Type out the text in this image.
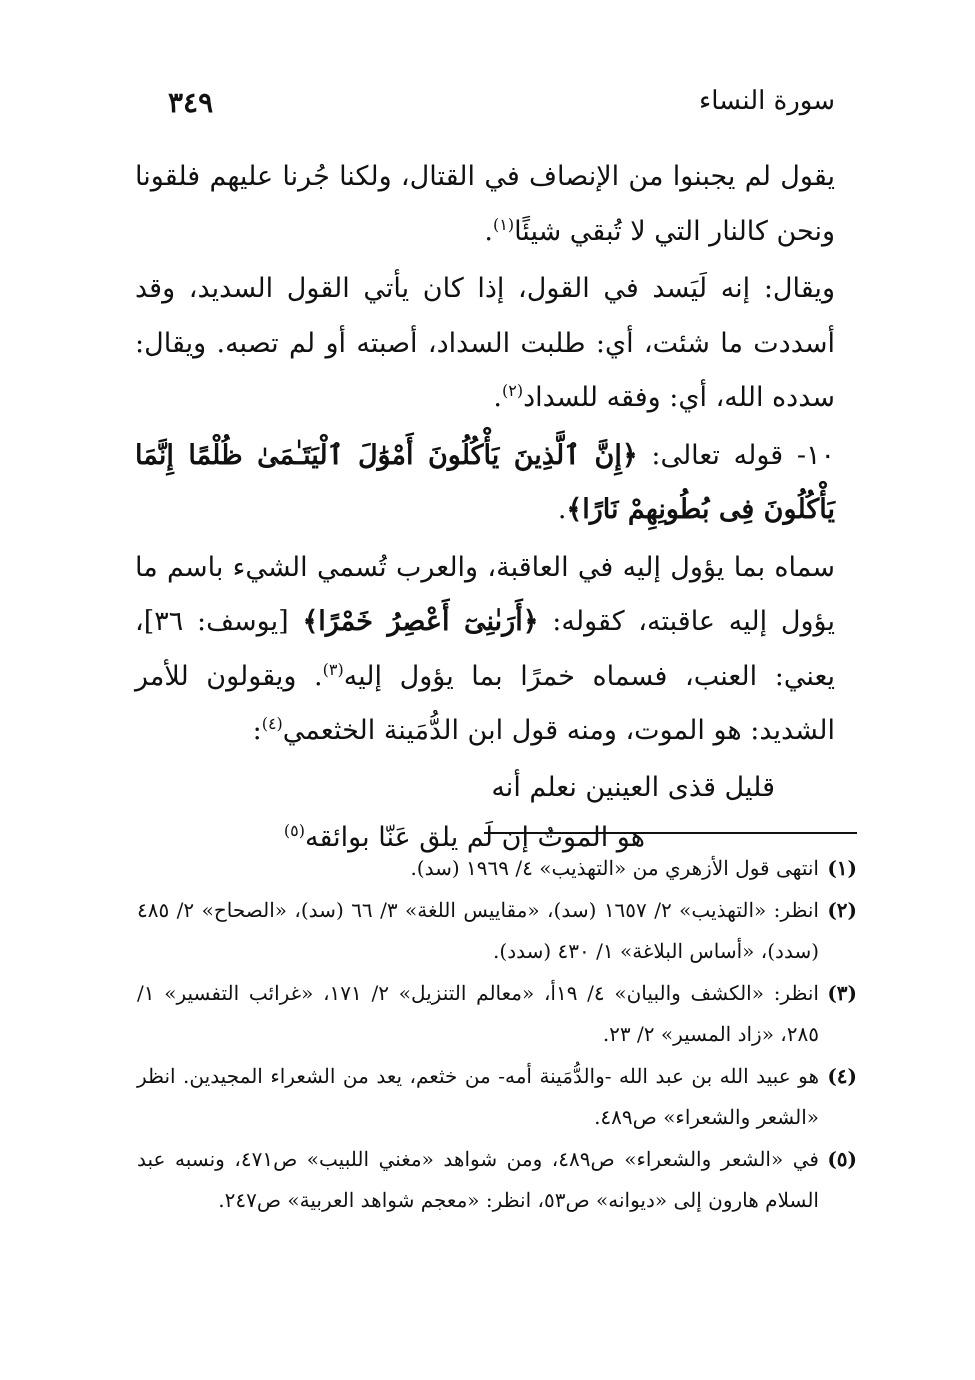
سورة النساء
٣٤٩

يقول لم يجبنوا من الإنصاف في القتال، ولكنا جُرنا عليهم فلقونا ونحن كالنار التي لا تُبقي شيئًا$^{(١)}$.

ويقال: إنه لَيَسد في القول، إذا كان يأتي القول السديد، وقد أسددت ما شئت، أي: طلبت السداد، أصبته أو لم تصبه. ويقال: سدده الله، أي: وفقه للسداد$^{(٢)}$.

١٠- قوله تعالى: ﴿إِنَّ ٱلَّذِينَ يَأْكُلُونَ أَمْوَٰلَ ٱلْيَتَـٰمَىٰ ظُلْمًا إِنَّمَا يَأْكُلُونَ فِى بُطُونِهِمْ نَارًا﴾.

سماه بما يؤول إليه في العاقبة، والعرب تُسمي الشيء باسم ما يؤول إليه عاقبته، كقوله: ﴿أَرَىٰنِىٓ أَعْصِرُ خَمْرًا﴾ [يوسف: ٣٦]، يعني: العنب، فسماه خمرًا بما يؤول إليه$^{(٣)}$. ويقولون للأمر الشديد: هو الموت، ومنه قول ابن الدُّمَينة الخثعمي$^{(٤)}$:

قليل قذى العينين نعلم أنه
هو الموتُ إن لَم يلق عَنّا بوائقه$^{(٥)}$
(١)
انتهى قول الأزهري من «التهذيب» ٤/ ١٩٦٩ (سد).
(٢)
انظر: «التهذيب» ٢/ ١٦٥٧ (سد)، «مقاييس اللغة» ٣/ ٦٦ (سد)، «الصحاح» ٢/ ٤٨٥ (سدد)، «أساس البلاغة» ١/ ٤٣٠ (سدد).
(٣)
انظر: «الكشف والبيان» ٤/ ١٩أ، «معالم التنزيل» ٢/ ١٧١، «غرائب التفسير» ١/ ٢٨٥، «زاد المسير» ٢/ ٢٣.
(٤)
هو عبيد الله بن عبد الله -والدُّمَينة أمه- من خثعم، يعد من الشعراء المجيدين. انظر «الشعر والشعراء» ص٤٨٩.
(٥)
في «الشعر والشعراء» ص٤٨٩، ومن شواهد «مغني اللبيب» ص٤٧١، ونسبه عبد السلام هارون إلى «ديوانه» ص٥٣، انظر: «معجم شواهد العربية» ص٢٤٧.
